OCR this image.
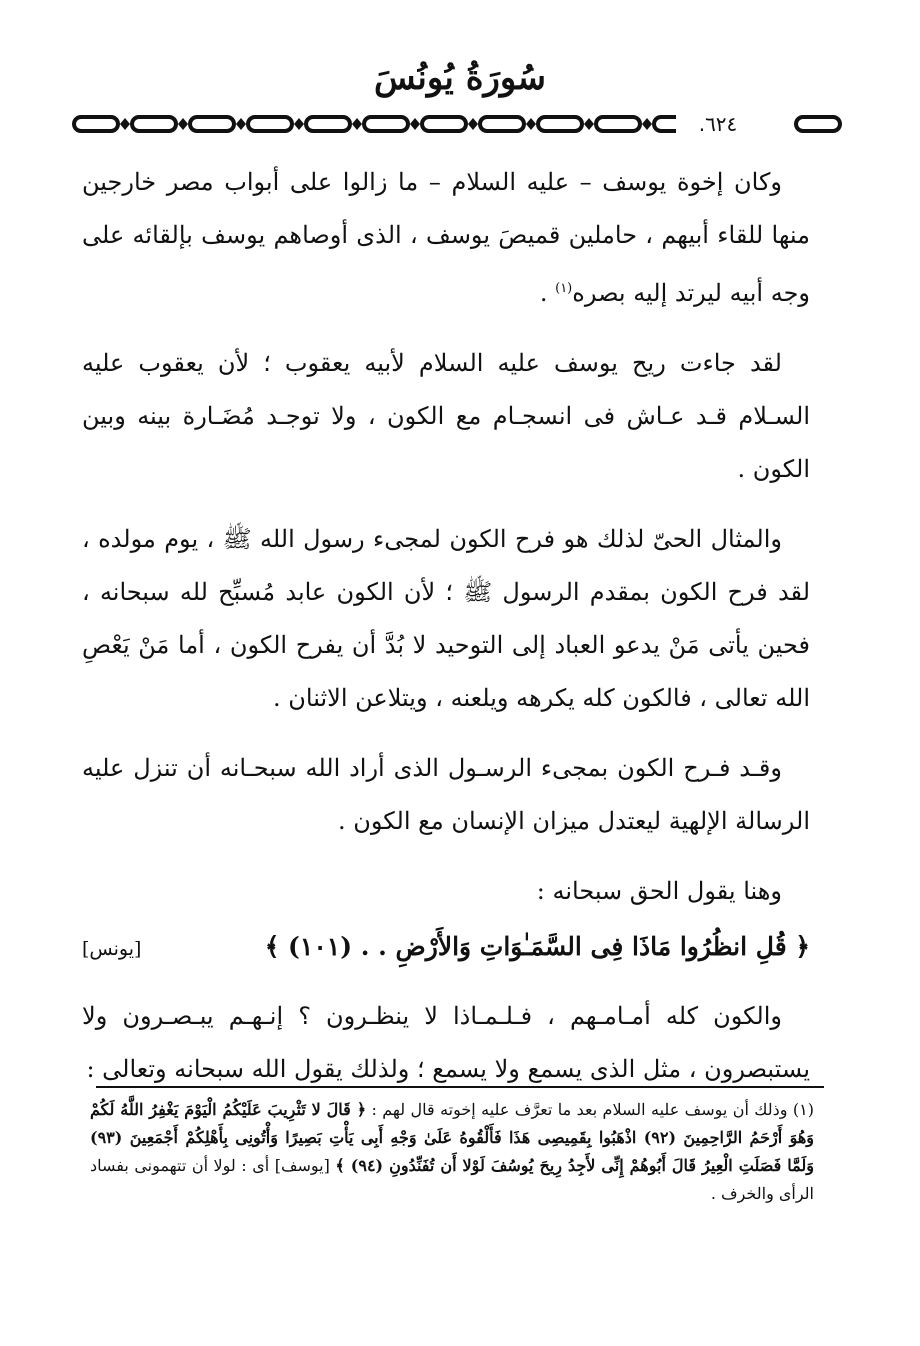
سُورَةُ يُونُسَ
٦٢٤.

وكان إخوة يوسف – عليه السلام – ما زالوا على أبواب مصر خارجين منها للقاء أبيهم ، حاملين قميصَ يوسف ، الذى أوصاهم يوسف بإلقائه على وجه أبيه ليرتد إليه بصره$^{(١)}$ .

لقد جاءت ريح يوسف عليه السلام لأبيه يعقوب ؛ لأن يعقوب عليه السـلام قـد عـاش فى انسجـام مع الكون ، ولا توجـد مُضَـارة بينه وبين الكون .

والمثال الحىّ لذلك هو فرح الكون لمجىء رسول الله ﷺ ، يوم مولده ، لقد فرح الكون بمقدم الرسول ﷺ ؛ لأن الكون عابد مُسبِّح لله سبحانه ، فحين يأتى مَنْ يدعو العباد إلى التوحيد لا بُدَّ أن يفرح الكون ، أما مَنْ يَعْصِ الله تعالى ، فالكون كله يكرهه ويلعنه ، ويتلاعن الاثنان .

وقـد فـرح الكون بمجىء الرسـول الذى أراد الله سبحـانه أن تنزل عليه الرسالة الإلهية ليعتدل ميزان الإنسان مع الكون .

وهنا يقول الحق سبحانه :

﴿ قُلِ انظُرُوا مَاذَا فِى السَّمَـٰوَاتِ وَالأَرْضِ . . (١٠١) ﴾
[يونس]

والكون كله أمـامـهم ، فـلـمـاذا لا ينظـرون ؟ إنـهـم يبـصـرون ولا يستبصرون ، مثل الذى يسمع ولا يسمع ؛ ولذلك يقول الله سبحانه وتعالى :

(١) وذلك أن يوسف عليه السلام بعد ما تعرَّف عليه إخوته قال لهم : ﴿ قَالَ لا تَثْرِيبَ عَلَيْكُمُ الْيَوْمَ يَغْفِرُ اللَّهُ لَكُمْ وَهُوَ أَرْحَمُ الرَّاحِمِينَ (٩٢) اذْهَبُوا بِقَمِيصِى هَذَا فَأَلْقُوهُ عَلَىٰ وَجْهِ أَبِى يَأْتِ بَصِيرًا وَأْتُونِى بِأَهْلِكُمْ أَجْمَعِينَ (٩٣) وَلَمَّا فَصَلَتِ الْعِيرُ قَالَ أَبُوهُمْ إِنِّى لأَجِدُ رِيحَ يُوسُفَ لَوْلا أَن تُفَنِّدُونِ (٩٤) ﴾ [يوسف] أى : لولا أن تتهمونى بفساد الرأى والخرف .
